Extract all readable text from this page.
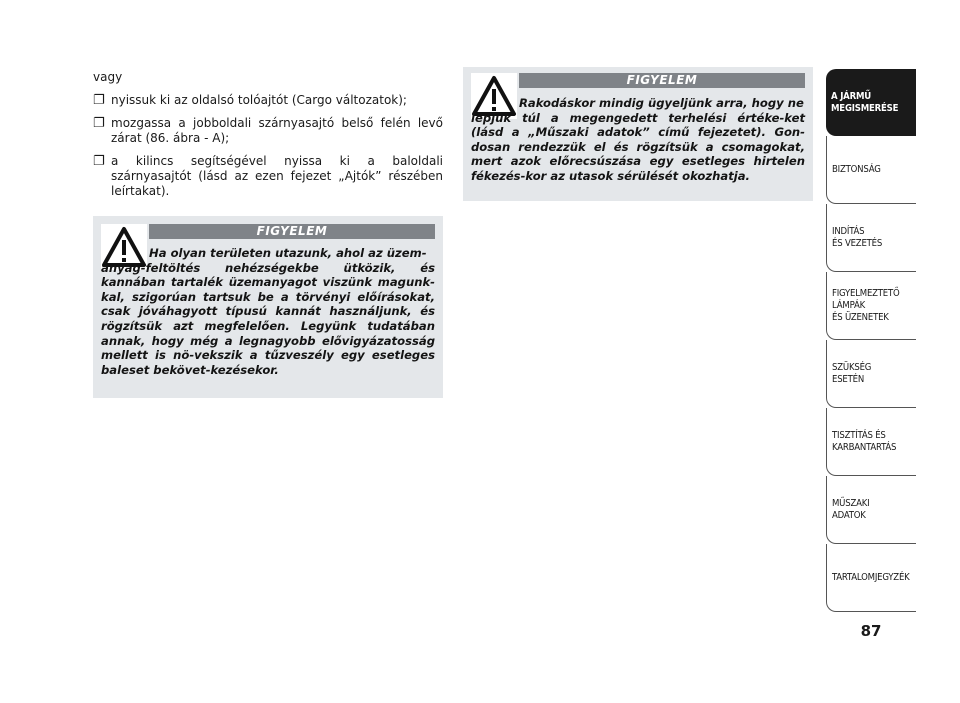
vagy
❐ nyissuk ki az oldalsó tolóajtót (Cargo változatok);
❐ mozgassa a jobboldali szárnyasajtó belső felén levő zárat (86. ábra - A);
❐ a kilincs segítségével nyissa ki a baloldali szárnyasajtót (lásd az ezen fejezet „Ajtók” részében leírtakat).
FIGYELEM
Ha olyan területen utazunk, ahol az üzem-
anyag-feltöltés nehézségekbe ütközik, és kannában tartalék üzemanyagot viszünk magunk-kal, szigorúan tartsuk be a törvényi előírásokat, csak jóváhagyott típusú kannát használjunk, és rögzítsük azt megfelelően. Legyünk tudatában annak, hogy még a legnagyobb elővigyázatosság mellett is nö-vekszik a tűzveszély egy esetleges baleset bekövet-kezésekor.
FIGYELEM
Rakodáskor mindig ügyeljünk arra, hogy ne
lépjük túl a megengedett terhelési értéke-ket (lásd a „Műszaki adatok” című fejezetet). Gon-dosan rendezzük el és rögzítsük a csomagokat, mert azok előrecsúszása egy esetleges hirtelen fékezés-kor az utasok sérülését okozhatja.
A JÁRMŰ
MEGISMERÉSE
BIZTONSÁG
INDÍTÁS
ÉS VEZETÉS
FIGYELMEZTETŐ
LÁMPÁK
ÉS ÜZENETEK
SZÜKSÉG
ESETÉN
TISZTÍTÁS ÉS
KARBANTARTÁS
MŰSZAKI
ADATOK
TARTALOMJEGYZÉK
87
